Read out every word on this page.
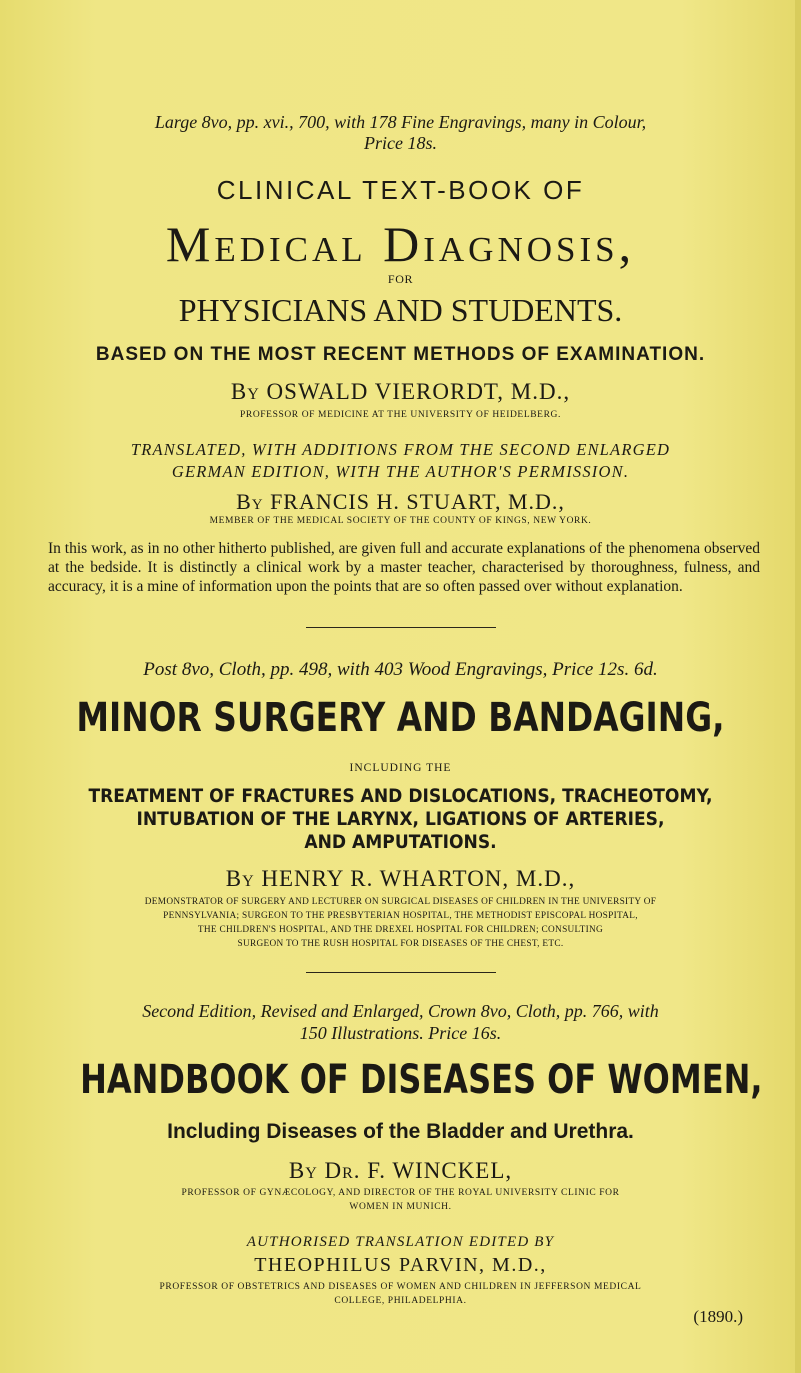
Large 8vo, pp. xvi., 700, with 178 Fine Engravings, many in Colour,
Price 18s.
CLINICAL TEXT-BOOK OF
Medical Diagnosis,
FOR
PHYSICIANS AND STUDENTS.
BASED ON THE MOST RECENT METHODS OF EXAMINATION.
By OSWALD VIERORDT, M.D.,
PROFESSOR OF MEDICINE AT THE UNIVERSITY OF HEIDELBERG.
TRANSLATED, WITH ADDITIONS FROM THE SECOND ENLARGED
GERMAN EDITION, WITH THE AUTHOR'S PERMISSION.
By FRANCIS H. STUART, M.D.,
MEMBER OF THE MEDICAL SOCIETY OF THE COUNTY OF KINGS, NEW YORK.
In this work, as in no other hitherto published, are given full and accurate explanations of the phenomena observed at the bedside. It is distinctly a clinical work by a master teacher, characterised by thoroughness, fulness, and accuracy, it is a mine of information upon the points that are so often passed over without explanation.
Post 8vo, Cloth, pp. 498, with 403 Wood Engravings, Price 12s. 6d.
MINOR SURGERY AND BANDAGING,
INCLUDING THE
TREATMENT OF FRACTURES AND DISLOCATIONS, TRACHEOTOMY,
INTUBATION OF THE LARYNX, LIGATIONS OF ARTERIES,
AND AMPUTATIONS.
By HENRY R. WHARTON, M.D.,
DEMONSTRATOR OF SURGERY AND LECTURER ON SURGICAL DISEASES OF CHILDREN IN THE UNIVERSITY OF
PENNSYLVANIA; SURGEON TO THE PRESBYTERIAN HOSPITAL, THE METHODIST EPISCOPAL HOSPITAL,
THE CHILDREN'S HOSPITAL, AND THE DREXEL HOSPITAL FOR CHILDREN; CONSULTING
SURGEON TO THE RUSH HOSPITAL FOR DISEASES OF THE CHEST, ETC.
Second Edition, Revised and Enlarged, Crown 8vo, Cloth, pp. 766, with
150 Illustrations. Price 16s.
HANDBOOK OF DISEASES OF WOMEN,
Including Diseases of the Bladder and Urethra.
By Dr. F. WINCKEL,
PROFESSOR OF GYNÆCOLOGY, AND DIRECTOR OF THE ROYAL UNIVERSITY CLINIC FOR
WOMEN IN MUNICH.
AUTHORISED TRANSLATION EDITED BY
THEOPHILUS PARVIN, M.D.,
PROFESSOR OF OBSTETRICS AND DISEASES OF WOMEN AND CHILDREN IN JEFFERSON MEDICAL
COLLEGE, PHILADELPHIA.
(1890.)
